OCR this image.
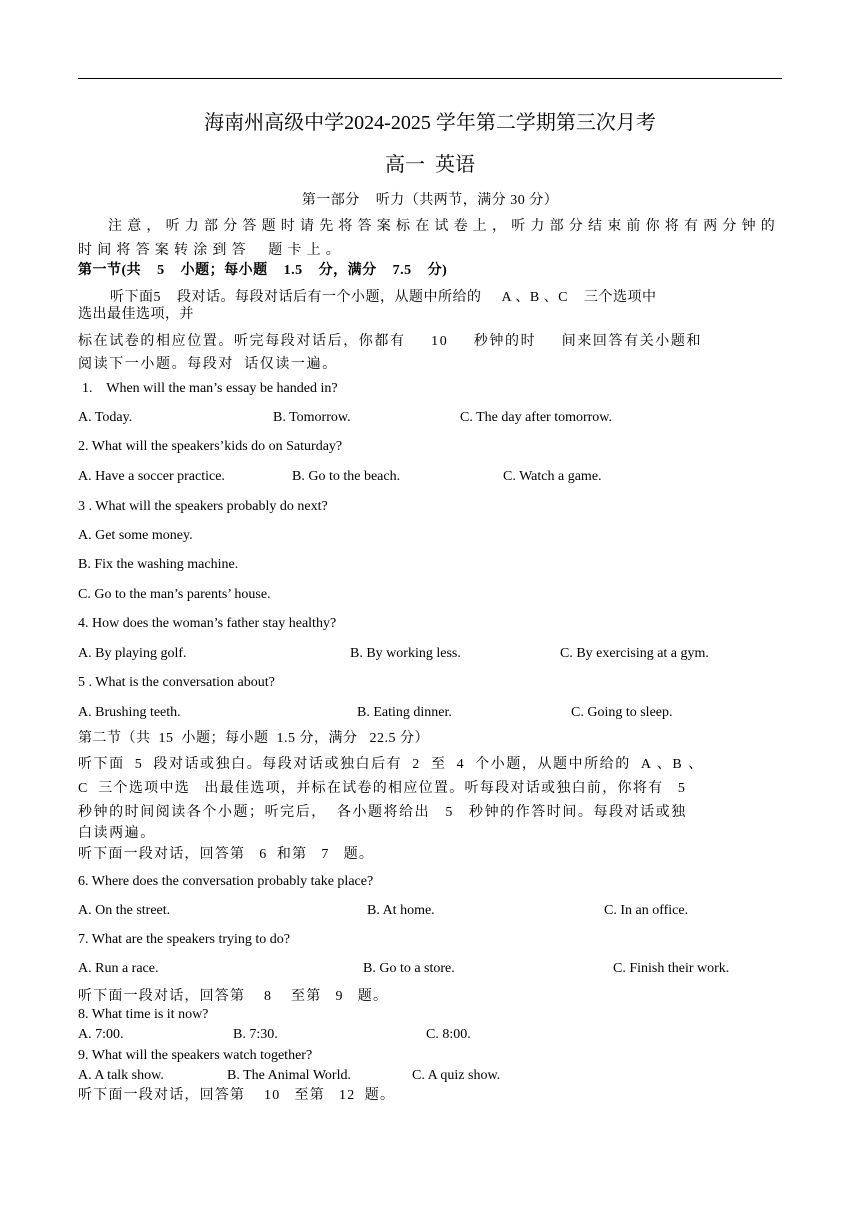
海南州高级中学2024-2025 学年第二学期第三次月考
高一  英语
第一部分    听力（共两节，满分 30 分）
注意，听力部分答题时请先将答案标在试卷上，听力部分结束前你将有两分钟的
时间将答案转涂到答  题卡上。
第一节(共    5    小题；每小题    1.5    分，满分    7.5    分)
听下面5    段对话。每段对话后有一个小题，从题中所给的     A 、B 、C    三个选项中
选出最佳选项，并
标在试卷的相应位置。听完每段对话后，你都有     10     秒钟的时     间来回答有关小题和
阅读下一小题。每段对  话仅读一遍。
1.    When will the man’s essay be handed in?
A. Today.	B. Tomorrow.	C. The day after tomorrow.
2. What will the speakers’kids do on Saturday?
A. Have a soccer practice.	B. Go to the beach.	C. Watch a game.
3 . What will the speakers probably do next?
A. Get some money.
B. Fix the washing machine.
C. Go to the man’s parents’ house.
4. How does the woman’s father stay healthy?
A. By playing golf.	B. By working less.	C. By exercising at a gym.
5 . What is the conversation about?
A. Brushing teeth.	B. Eating dinner.	C. Going to sleep.
第二节（共  15  小题；每小题  1.5 分，满分   22.5 分）
听下面  5  段对话或独白。每段对话或独白后有  2  至  4  个小题，从题中所给的  A 、B 、
C  三个选项中选   出最佳选项，并标在试卷的相应位置。听每段对话或独白前，你将有   5
秒钟的时间阅读各个小题；听完后，  各小题将给出   5   秒钟的作答时间。每段对话或独
白读两遍。
听下面一段对话，回答第   6  和第   7   题。
6. Where does the conversation probably take place?
A. On the street.	B. At home.	C. In an office.
7. What are the speakers trying to do?
A. Run a race.	B. Go to a store.	C. Finish their work.
听下面一段对话，回答第    8    至第   9   题。
8. What time is it now?
A. 7:00.	B. 7:30.	C. 8:00.
9. What will the speakers watch together?
A. A talk show.	B. The Animal World.	C. A quiz show.
听下面一段对话，回答第    10   至第   12  题。
